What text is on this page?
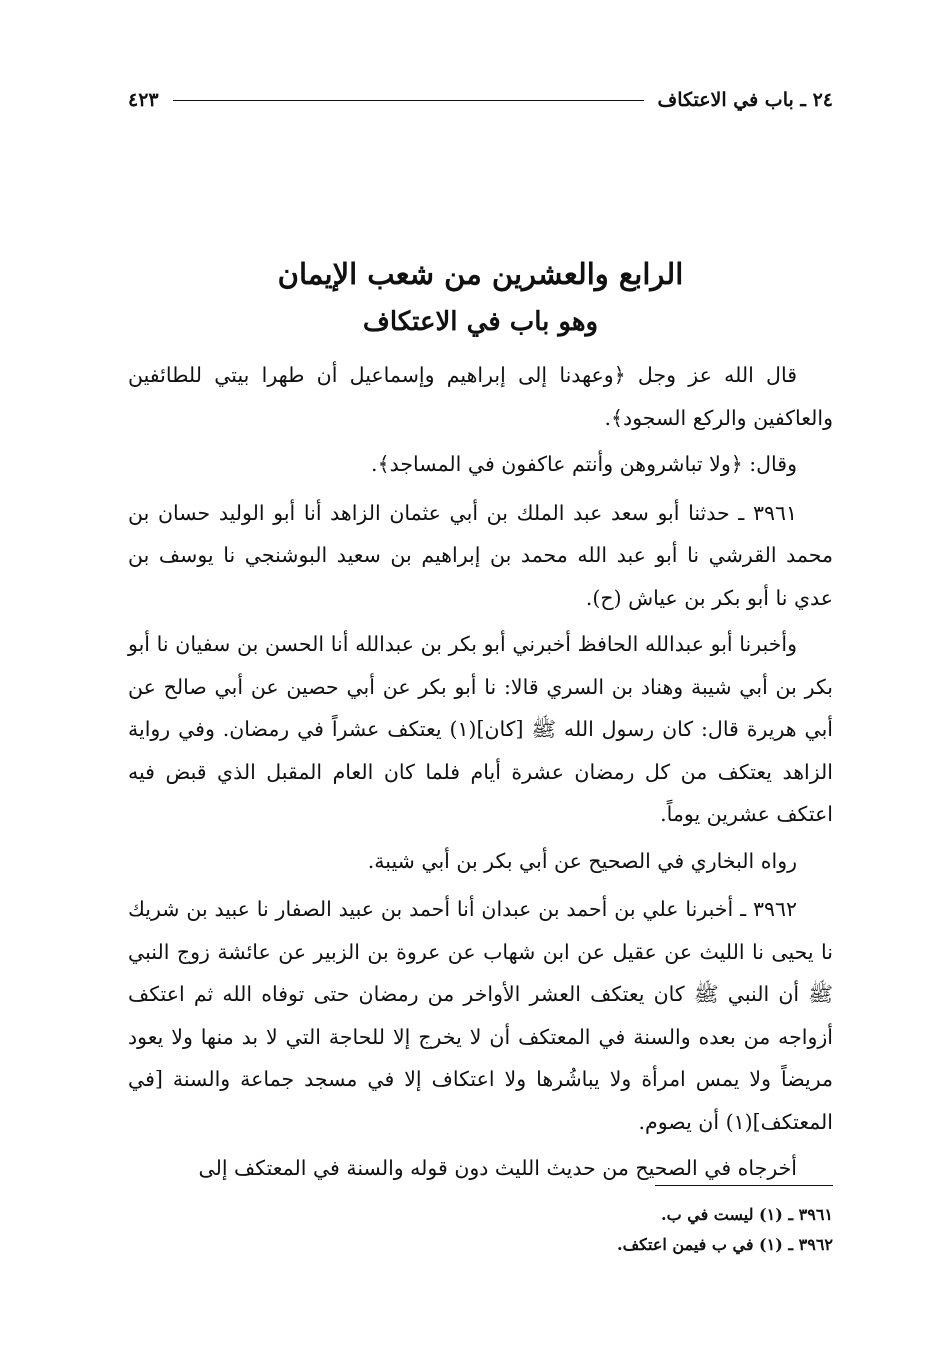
٢٤ ـ باب في الاعتكاف
٤٢٣
الرابع والعشرين من شعب الإيمان
وهو باب في الاعتكاف

قال الله عز وجل ﴿وعهدنا إلى إبراهيم وإسماعيل أن طهرا بيتي للطائفين والعاكفين والركع السجود﴾.

وقال: ﴿ولا تباشروهن وأنتم عاكفون في المساجد﴾.

٣٩٦١ ـ حدثنا أبو سعد عبد الملك بن أبي عثمان الزاهد أنا أبو الوليد حسان بن محمد القرشي نا أبو عبد الله محمد بن إبراهيم بن سعيد البوشنجي نا يوسف بن عدي نا أبو بكر بن عياش (ح).

وأخبرنا أبو عبدالله الحافظ أخبرني أبو بكر بن عبدالله أنا الحسن بن سفيان نا أبو بكر بن أبي شيبة وهناد بن السري قالا: نا أبو بكر عن أبي حصين عن أبي صالح عن أبي هريرة قال: كان رسول الله ﷺ [كان](١) يعتكف عشراً في رمضان. وفي رواية الزاهد يعتكف من كل رمضان عشرة أيام فلما كان العام المقبل الذي قبض فيه اعتكف عشرين يوماً.

رواه البخاري في الصحيح عن أبي بكر بن أبي شيبة.

٣٩٦٢ ـ أخبرنا علي بن أحمد بن عبدان أنا أحمد بن عبيد الصفار نا عبيد بن شريك نا يحيى نا الليث عن عقيل عن ابن شهاب عن عروة بن الزبير عن عائشة زوج النبي ﷺ أن النبي ﷺ كان يعتكف العشر الأواخر من رمضان حتى توفاه الله ثم اعتكف أزواجه من بعده والسنة في المعتكف أن لا يخرج إلا للحاجة التي لا بد منها ولا يعود مريضاً ولا يمس امرأة ولا يباشُرها ولا اعتكاف إلا في مسجد جماعة والسنة [في المعتكف](١) أن يصوم.

أخرجاه في الصحيح من حديث الليث دون قوله والسنة في المعتكف إلى

٣٩٦١ ـ (١) ليست في ب.

٣٩٦٢ ـ (١) في ب فيمن اعتكف.
